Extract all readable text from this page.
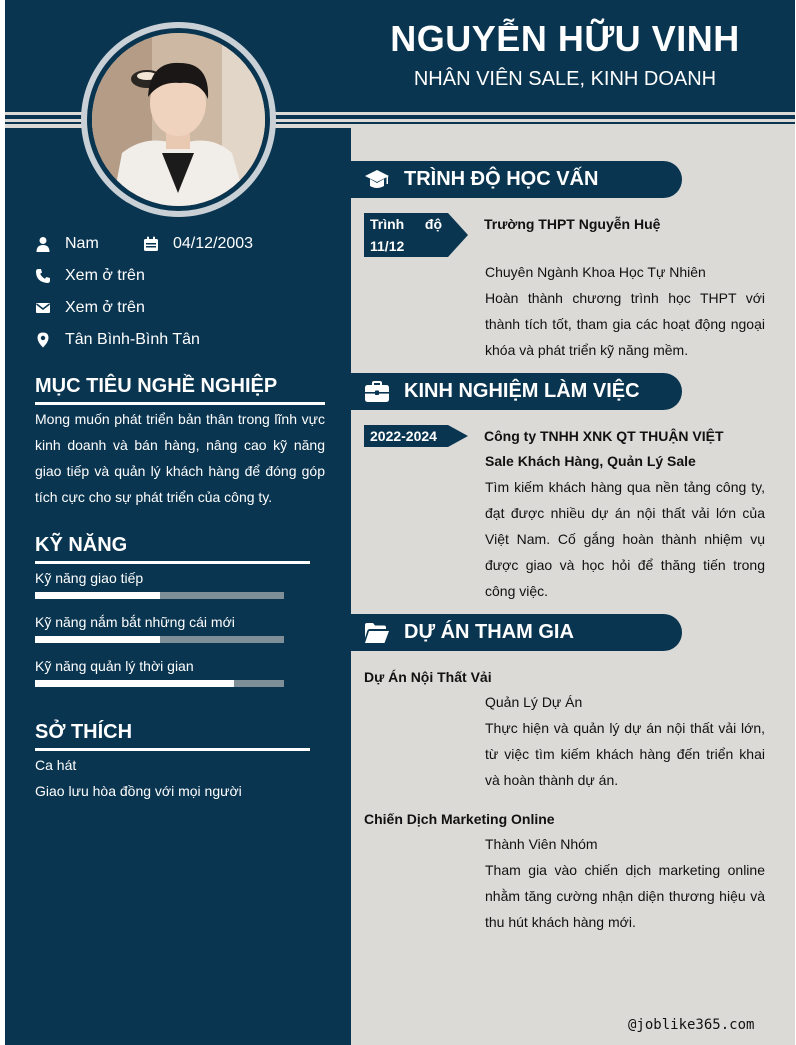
NGUYỄN HỮU VINH
NHÂN VIÊN SALE, KINH DOANH
Nam	04/12/2003
Xem ở trên
Xem ở trên
Tân Bình-Bình Tân
MỤC TIÊU NGHỀ NGHIỆP
Mong muốn phát triển bản thân trong lĩnh vực kinh doanh và bán hàng, nâng cao kỹ năng giao tiếp và quản lý khách hàng để đóng góp tích cực cho sự phát triển của công ty.
KỸ NĂNG
Kỹ năng giao tiếp
Kỹ năng nắm bắt những cái mới
Kỹ năng quản lý thời gian
SỞ THÍCH
Ca hát
Giao lưu hòa đồng với mọi người
TRÌNH ĐỘ HỌC VẤN
Trình độ
11/12
Trường THPT Nguyễn Huệ
Chuyên Ngành Khoa Học Tự Nhiên
Hoàn thành chương trình học THPT với thành tích tốt, tham gia các hoạt động ngoại khóa và phát triển kỹ năng mềm.
KINH NGHIỆM LÀM VIỆC
2022-2024	Công ty TNHH XNK QT THUẬN VIỆT
Sale Khách Hàng, Quản Lý Sale
Tìm kiếm khách hàng qua nền tảng công ty, đạt được nhiều dự án nội thất vải lớn của Việt Nam. Cố gắng hoàn thành nhiệm vụ được giao và học hỏi để thăng tiến trong công việc.
DỰ ÁN THAM GIA
Dự Án Nội Thất Vải
Quản Lý Dự Án
Thực hiện và quản lý dự án nội thất vải lớn, từ việc tìm kiếm khách hàng đến triển khai và hoàn thành dự án.
Chiến Dịch Marketing Online
Thành Viên Nhóm
Tham gia vào chiến dịch marketing online nhằm tăng cường nhận diện thương hiệu và thu hút khách hàng mới.
@joblike365.com
